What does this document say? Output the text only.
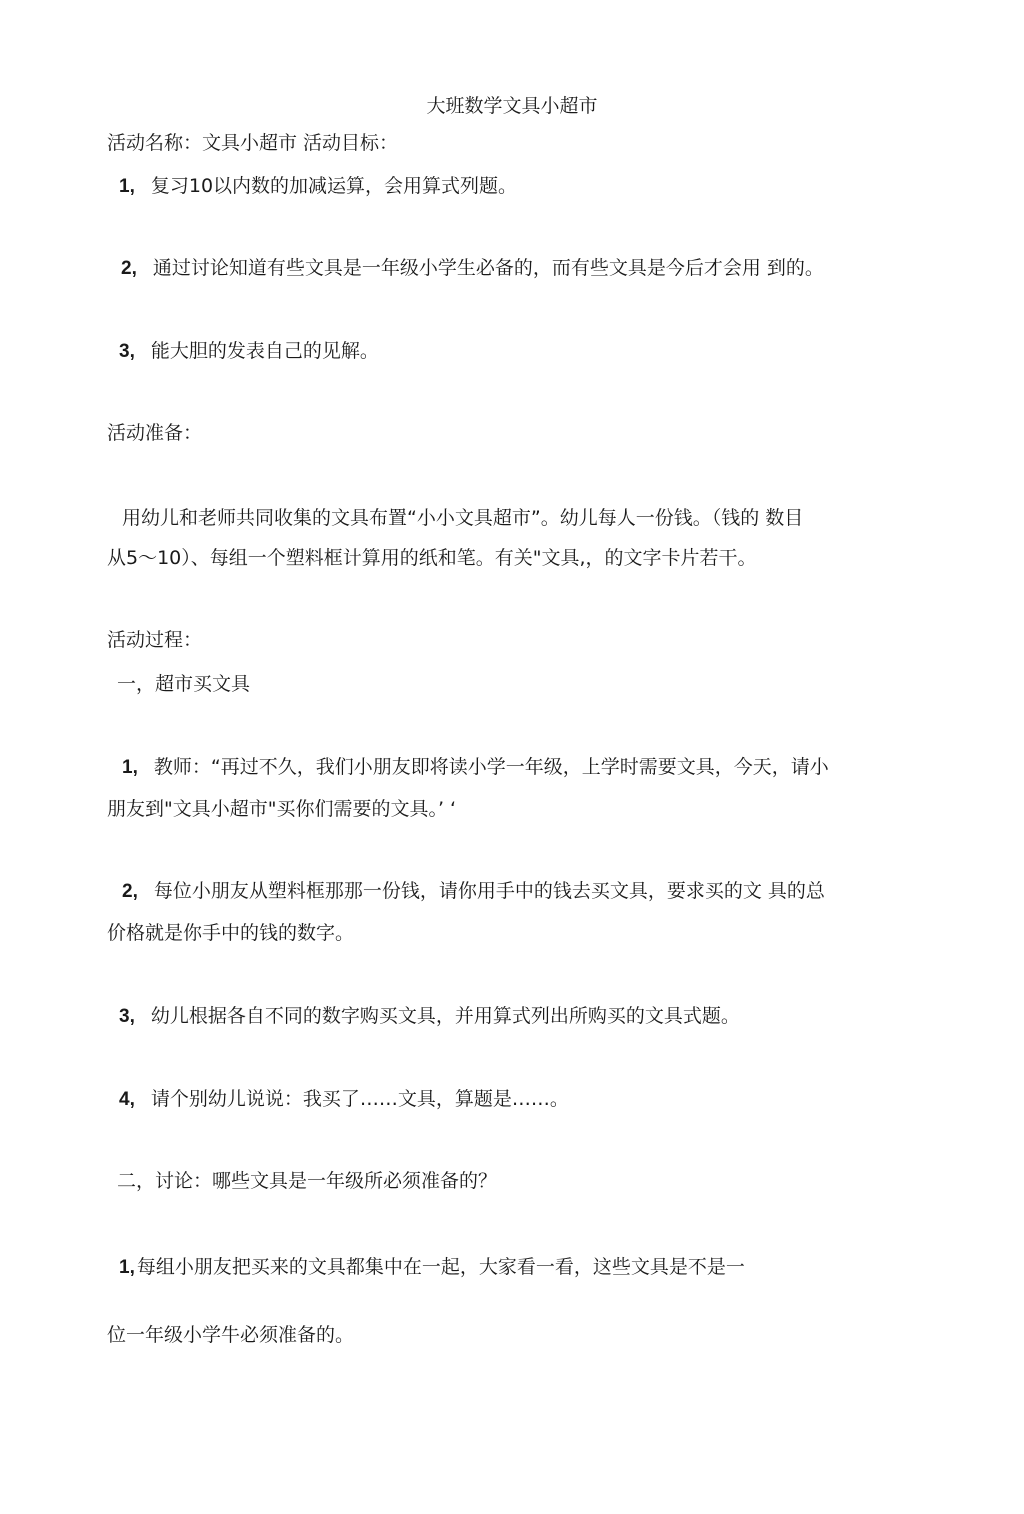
大班数学文具小超市
活动名称：文具小超市 活动目标：
1, 复习10以内数的加减运算，会用算式列题。
2, 通过讨论知道有些文具是一年级小学生必备的，而有些文具是今后才会用 到的。
3, 能大胆的发表自己的见解。
活动准备：
用幼儿和老师共同收集的文具布置“小小文具超市”。幼儿每人一份钱。（钱的 数目
从5～10）、每组一个塑料框计算用的纸和笔。有关"文具,，的文字卡片若干。
活动过程：
一，超市买文具
1, 教师：“再过不久，我们小朋友即将读小学一年级，上学时需要文具，今天，请小
朋友到"文具小超市"买你们需要的文具。’ ‘
2, 每位小朋友从塑料框那那一份钱，请你用手中的钱去买文具，要求买的文 具的总
价格就是你手中的钱的数字。
3, 幼儿根据各自不同的数字购买文具，并用算式列出所购买的文具式题。
4, 请个别幼儿说说：我买了……文具，算题是……。
二，讨论：哪些文具是一年级所必须准备的？
1, 每组小朋友把买来的文具都集中在一起，大家看一看，这些文具是不是一
位一年级小学牛必须准备的。
